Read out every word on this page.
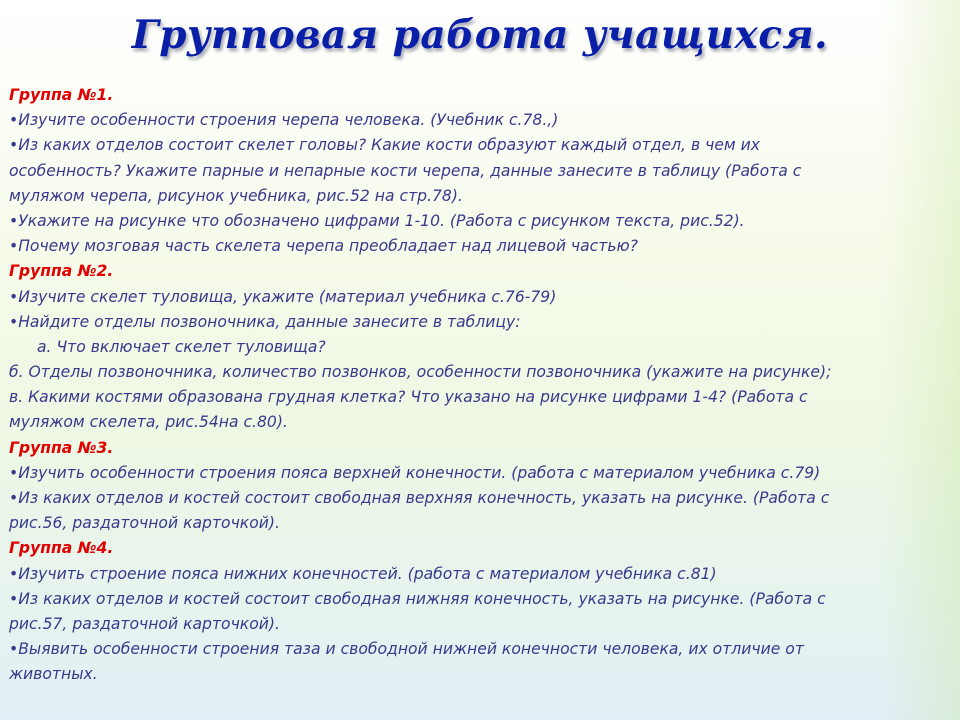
Групповая работа учащихся.
Группа №1.
•Изучите особенности строения черепа человека. (Учебник с.78.,)
•Из каких отделов состоит скелет головы? Какие кости образуют каждый отдел, в чем их
особенность? Укажите парные и непарные кости черепа, данные занесите в таблицу (Работа с
муляжом черепа, рисунок учебника, рис.52 на стр.78).
•Укажите на рисунке что обозначено цифрами 1-10. (Работа с рисунком текста, рис.52).
•Почему мозговая часть скелета черепа преобладает над лицевой частью?
Группа №2.
•Изучите скелет туловища, укажите (материал учебника с.76-79)
•Найдите отделы позвоночника, данные занесите в таблицу:
а. Что включает скелет туловища?
б. Отделы позвоночника, количество позвонков, особенности позвоночника (укажите на рисунке);
в. Какими костями образована грудная клетка? Что указано на рисунке цифрами 1-4? (Работа с
муляжом скелета, рис.54на с.80).
Группа №3.
•Изучить особенности строения пояса верхней конечности. (работа с материалом учебника с.79)
•Из каких отделов и костей состоит свободная верхняя конечность, указать на рисунке. (Работа с
рис.56, раздаточной карточкой).
Группа №4.
•Изучить строение пояса нижних конечностей. (работа с материалом учебника с.81)
•Из каких отделов и костей состоит свободная нижняя конечность, указать на рисунке. (Работа с
рис.57, раздаточной карточкой).
•Выявить особенности строения таза и свободной нижней конечности человека, их отличие от
животных.
